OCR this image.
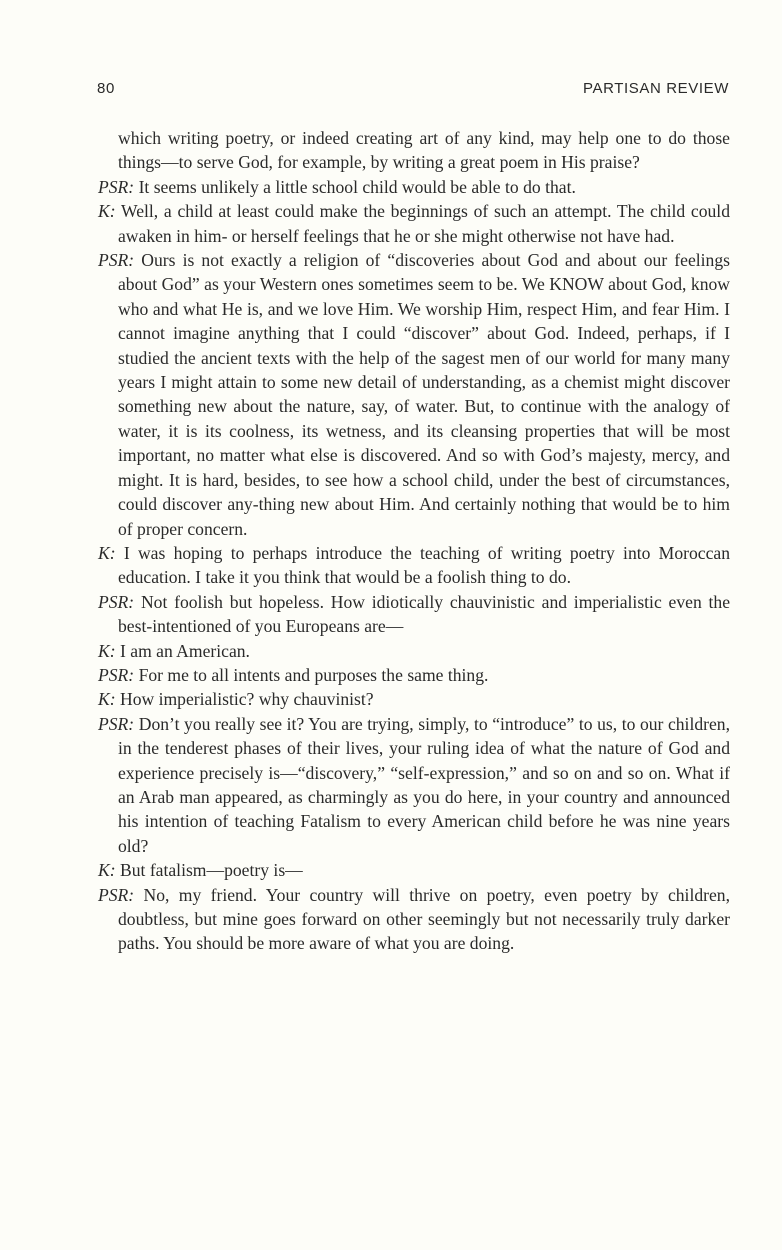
80	PARTISAN REVIEW

which writing poetry, or indeed creating art of any kind, may help one to do those things—to serve God, for example, by writing a great poem in His praise?

PSR: It seems unlikely a little school child would be able to do that.

K: Well, a child at least could make the beginnings of such an attempt. The child could awaken in him- or herself feelings that he or she might otherwise not have had.

PSR: Ours is not exactly a religion of “discoveries about God and about our feelings about God” as your Western ones sometimes seem to be. We KNOW about God, know who and what He is, and we love Him. We worship Him, respect Him, and fear Him. I cannot imagine anything that I could “discover” about God. Indeed, perhaps, if I studied the ancient texts with the help of the sagest men of our world for many many years I might attain to some new detail of understanding, as a chemist might discover something new about the nature, say, of water. But, to continue with the analogy of water, it is its coolness, its wetness, and its cleansing properties that will be most important, no matter what else is discovered. And so with God’s majesty, mercy, and might. It is hard, besides, to see how a school child, under the best of circumstances, could discover any-thing new about Him. And certainly nothing that would be to him of proper concern.

K: I was hoping to perhaps introduce the teaching of writing poetry into Moroccan education. I take it you think that would be a foolish thing to do.

PSR: Not foolish but hopeless. How idiotically chauvinistic and imperialistic even the best-intentioned of you Europeans are—

K: I am an American.

PSR: For me to all intents and purposes the same thing.

K: How imperialistic? why chauvinist?

PSR: Don’t you really see it? You are trying, simply, to “introduce” to us, to our children, in the tenderest phases of their lives, your ruling idea of what the nature of God and experience precisely is—“discovery,” “self-expression,” and so on and so on. What if an Arab man appeared, as charmingly as you do here, in your country and announced his intention of teaching Fatalism to every American child before he was nine years old?

K: But fatalism—poetry is—

PSR: No, my friend. Your country will thrive on poetry, even poetry by children, doubtless, but mine goes forward on other seemingly but not necessarily truly darker paths. You should be more aware of what you are doing.
